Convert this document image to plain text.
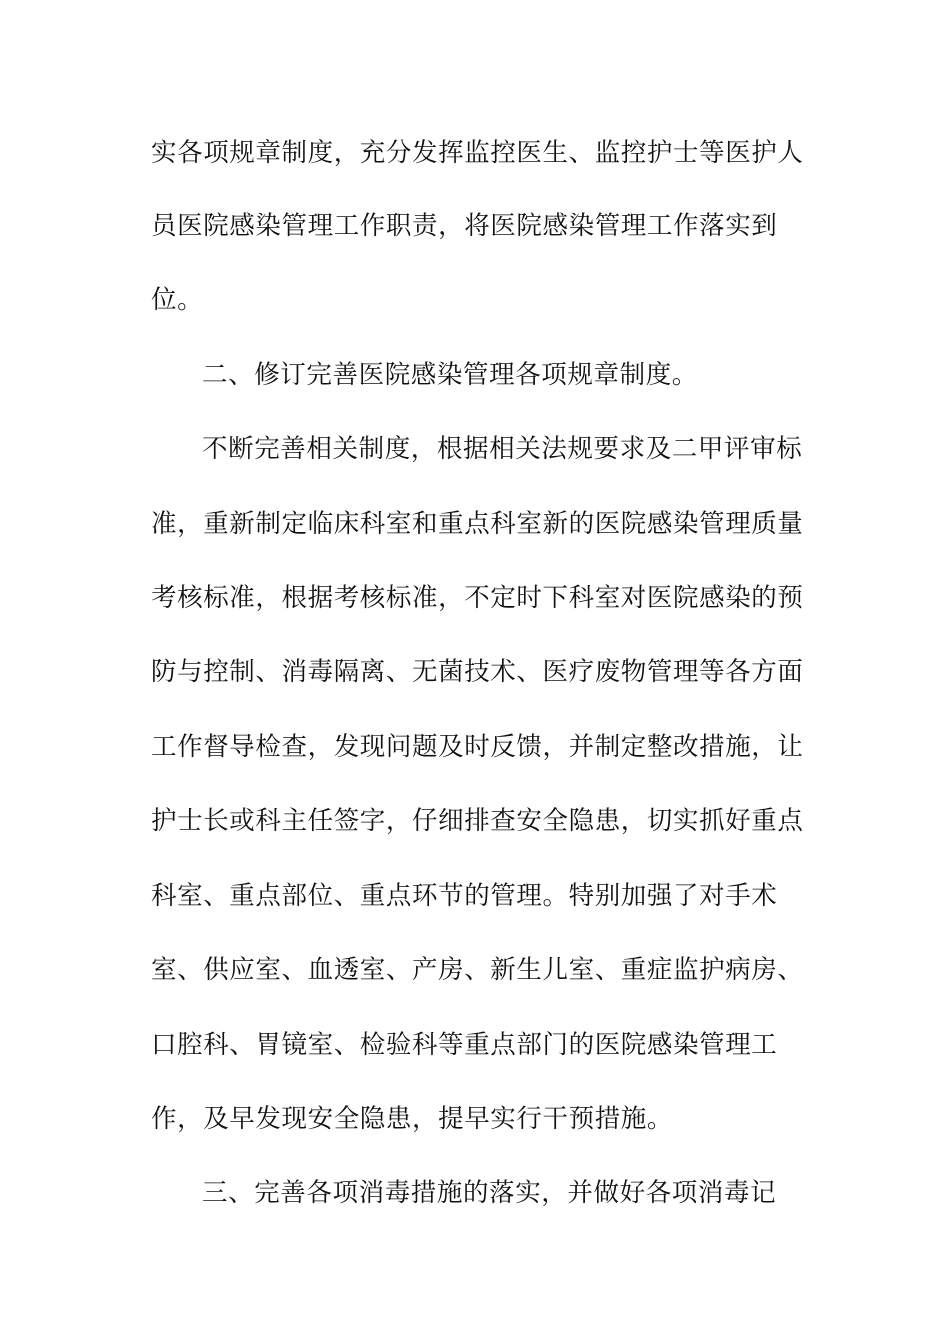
实各项规章制度，充分发挥监控医生、监控护士等医护人
员医院感染管理工作职责，将医院感染管理工作落实到
位。
二、修订完善医院感染管理各项规章制度。
不断完善相关制度，根据相关法规要求及二甲评审标
准，重新制定临床科室和重点科室新的医院感染管理质量
考核标准，根据考核标准，不定时下科室对医院感染的预
防与控制、消毒隔离、无菌技术、医疗废物管理等各方面
工作督导检查，发现问题及时反馈，并制定整改措施，让
护士长或科主任签字，仔细排查安全隐患，切实抓好重点
科室、重点部位、重点环节的管理。特别加强了对手术
室、供应室、血透室、产房、新生儿室、重症监护病房、
口腔科、胃镜室、检验科等重点部门的医院感染管理工
作，及早发现安全隐患，提早实行干预措施。
三、完善各项消毒措施的落实，并做好各项消毒记
